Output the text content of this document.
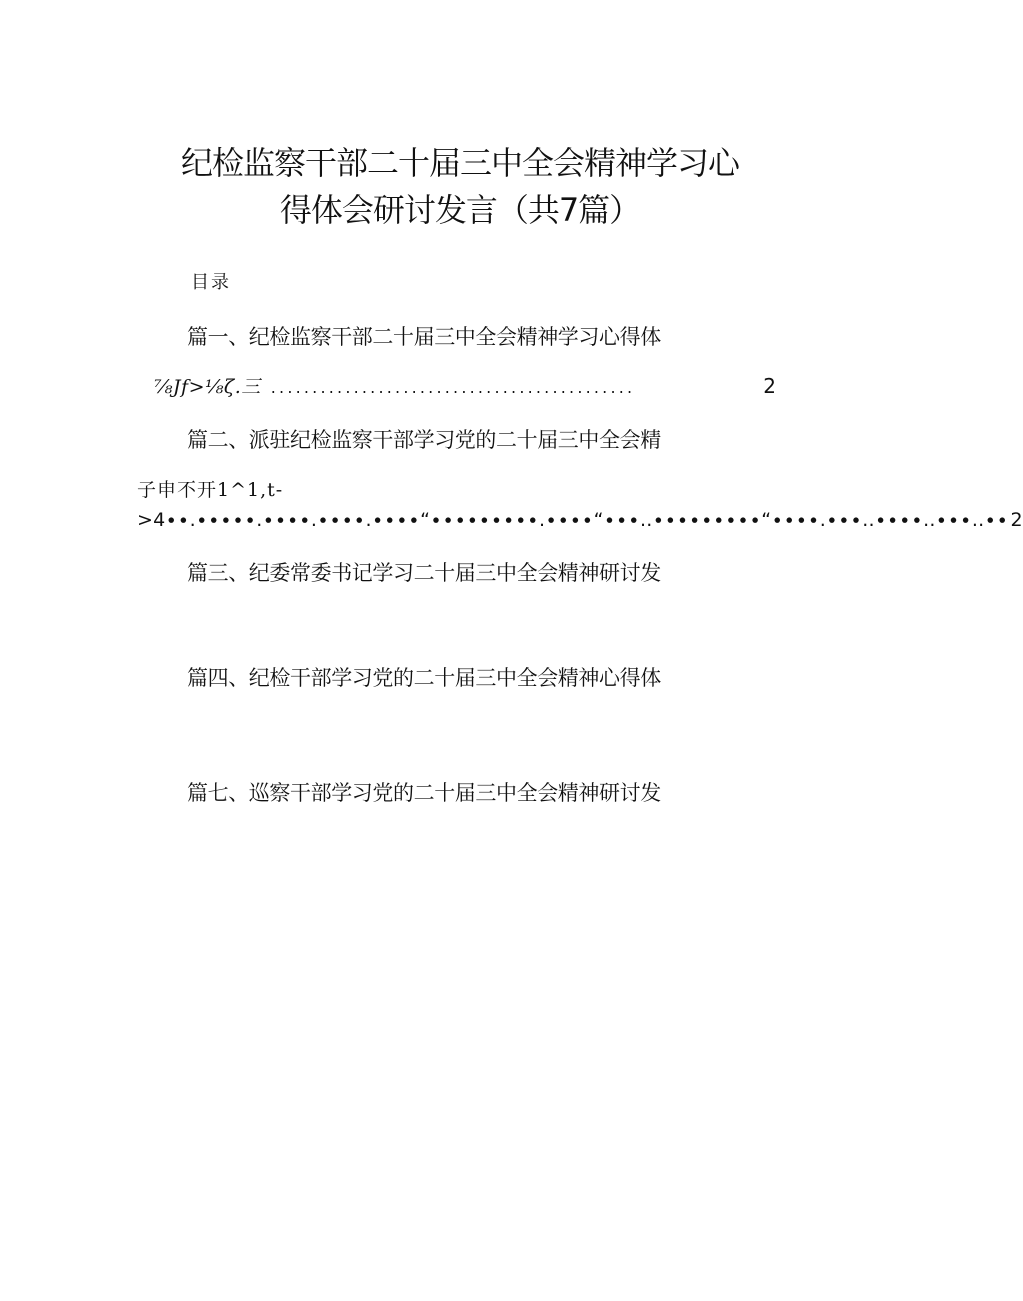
纪检监察干部二十届三中全会精神学习心
得体会研讨发言（共7篇）
目录
篇一、纪检监察干部二十届三中全会精神学习心得体
⅞Jf>⅛ζ.三 ............................................	2
篇二、派驻纪检监察干部学习党的二十届三中全会精
子申不开1^1,t-
>4∙∙.∙∙∙∙∙.∙∙∙∙.∙∙∙∙.∙∙∙∙“∙∙∙∙∙∙∙∙∙.∙∙∙∙“∙∙∙..∙∙∙∙∙∙∙∙∙“∙∙∙∙.∙∙∙..∙∙∙∙..∙∙∙..∙∙ 2
篇三、纪委常委书记学习二十届三中全会精神研讨发
篇四、纪检干部学习党的二十届三中全会精神心得体
篇七、巡察干部学习党的二十届三中全会精神研讨发
